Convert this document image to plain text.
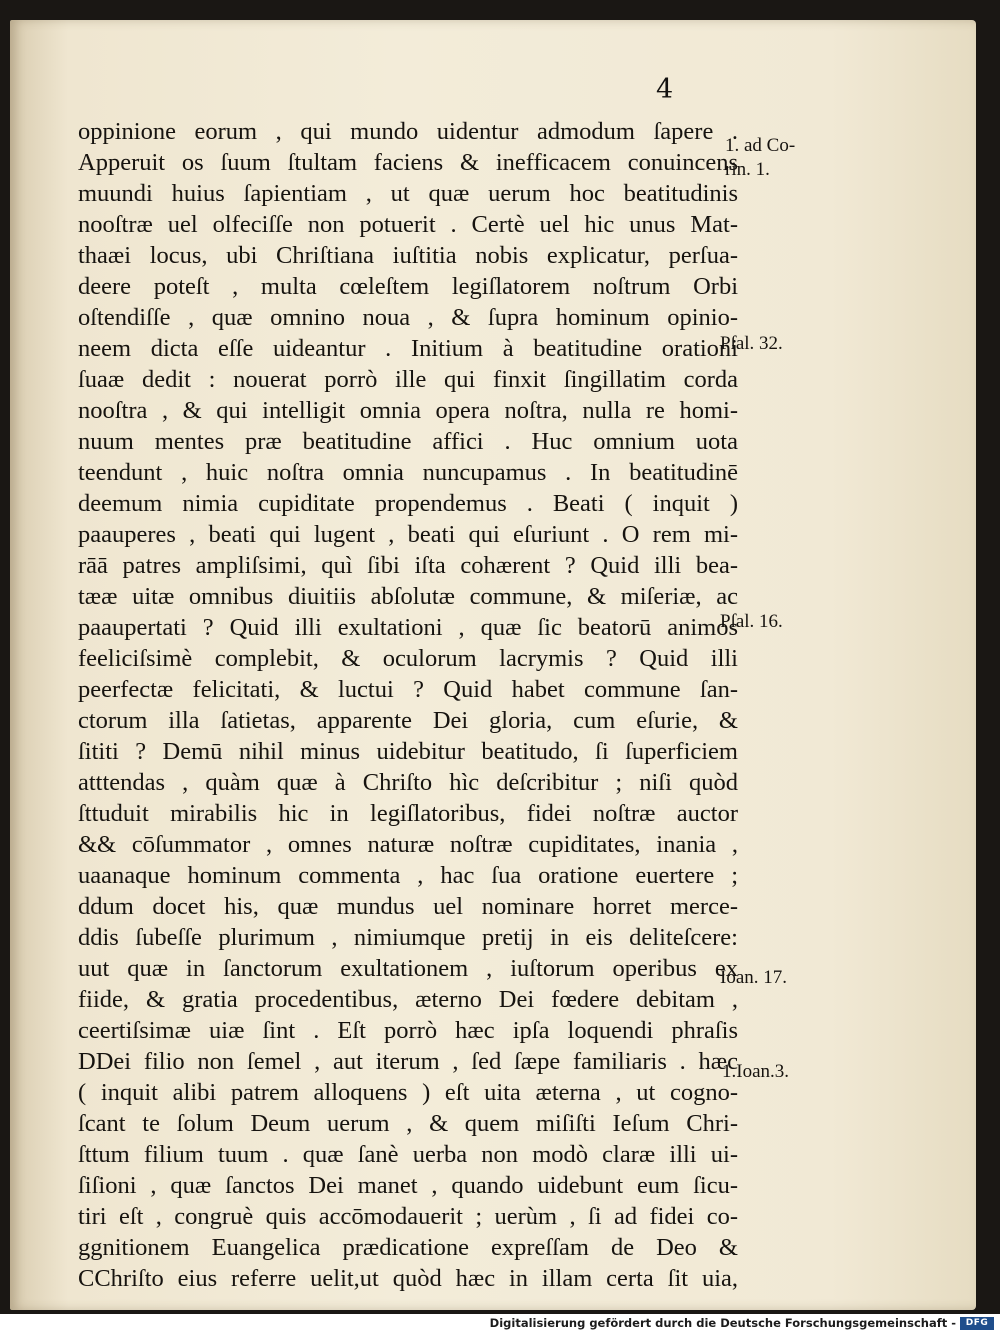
4

oppinione eorum , qui mundo uidentur admodum ſapere .
Apperuit os ſuum ſtultam faciens & inefficacem conuincens
muundi huius ſapientiam , ut quæ uerum hoc beatitudinis
nooſtræ uel olfeciſſe non potuerit . Certè uel hic unus Mat-
thaæi locus, ubi Chriſtiana iuſtitia nobis explicatur, perſua-
deere poteſt , multa cœleſtem legiſlatorem noſtrum Orbi
oſtendiſſe , quæ omnino noua , & ſupra hominum opinio-
neem dicta eſſe uideantur . Initium à beatitudine orationi
ſuaæ dedit : nouerat porrò ille qui finxit ſingillatim corda
nooſtra , & qui intelligit omnia opera noſtra, nulla re homi-
nuum mentes præ beatitudine affici . Huc omnium uota
teendunt , huic noſtra omnia nuncupamus . In beatitudinē
deemum nimia cupiditate propendemus . Beati ( inquit )
paauperes , beati qui lugent , beati qui eſuriunt . O rem mi-
rāā patres ampliſsimi, quì ſibi iſta cohærent ? Quid illi bea-
tææ uitæ omnibus diuitiis abſolutæ commune, & miſeriæ, ac
paaupertati ? Quid illi exultationi , quæ ſic beatorū animos
feeliciſsimè complebit, & oculorum lacrymis ? Quid illi
peerfectæ felicitati, & luctui ? Quid habet commune ſan-
ctorum illa ſatietas, apparente Dei gloria, cum eſurie, &
ſititi ? Demū nihil minus uidebitur beatitudo, ſi ſuperficiem
atttendas , quàm quæ à Chriſto hìc deſcribitur ; niſi quòd
ſttuduit mirabilis hic in legiſlatoribus, fidei noſtræ auctor
&& cōſummator , omnes naturæ noſtræ cupiditates, inania ,
uaanaque hominum commenta , hac ſua oratione euertere ;
ddum docet his, quæ mundus uel nominare horret merce-
ddis ſubeſſe plurimum , nimiumque pretij in eis deliteſcere:
uut quæ in ſanctorum exultationem , iuſtorum operibus ex
fiide, & gratia procedentibus, æterno Dei fœdere debitam ,
ceertiſsimæ uiæ ſint . Eſt porrò hæc ipſa loquendi phraſis
DDei filio non ſemel , aut iterum , ſed ſæpe familiaris . hæc
( inquit alibi patrem alloquens ) eſt uita æterna , ut cogno-
ſcant te ſolum Deum uerum , & quem miſiſti Ieſum Chri-
ſttum filium tuum . quæ ſanè uerba non modò claræ illi ui-
ſiſioni , quæ ſanctos Dei manet , quando uidebunt eum ſicu-
tiri eſt , congruè quis accōmodauerit ; uerùm , ſi ad fidei co-
ggnitionem Euangelica prædicatione expreſſam de Deo &
CChriſto eius referre uelit,ut quòd hæc in illam certa ſit uia,

1. ad Co-
rin. 1.

Pſal. 32.

Pſal. 16.

Ioan. 17.

1.Ioan.3.

Digitalisierung gefördert durch die Deutsche Forschungsgemeinschaft -	DFG
